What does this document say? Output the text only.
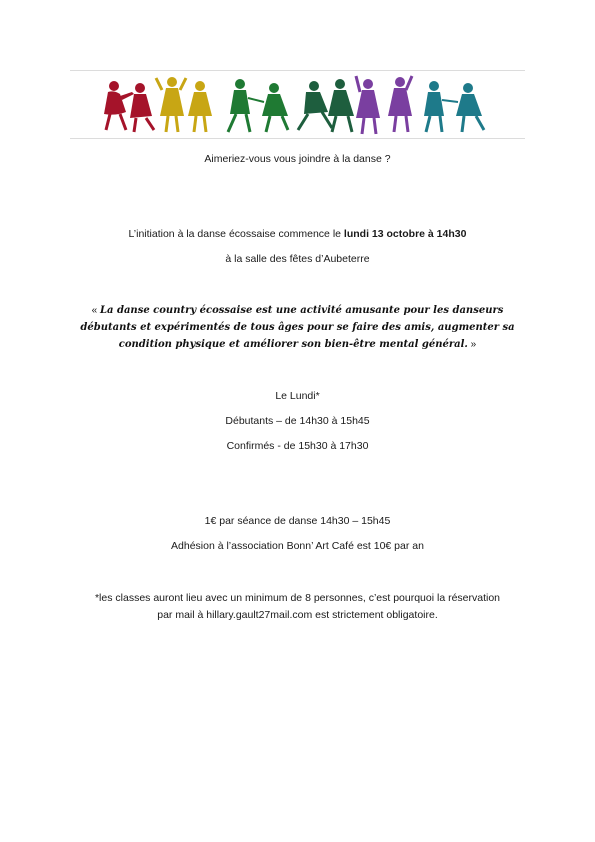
Aimeriez-vous vous joindre à la danse ?
L’initiation à la danse écossaise commence le lundi 13 octobre à 14h30
à la salle des fêtes d’Aubeterre
« La danse country écossaise est une activité amusante pour les danseurs débutants et expérimentés de tous âges pour se faire des amis, augmenter sa condition physique et améliorer son bien-être mental général. »
Le Lundi*
Débutants – de 14h30 à 15h45
Confirmés - de 15h30 à 17h30
1€ par séance de danse 14h30 – 15h45
Adhésion à l’association Bonn’ Art Café est 10€ par an
*les classes auront lieu avec un minimum de 8 personnes, c’est pourquoi la réservation
par mail à hillary.gault27mail.com est strictement obligatoire.
